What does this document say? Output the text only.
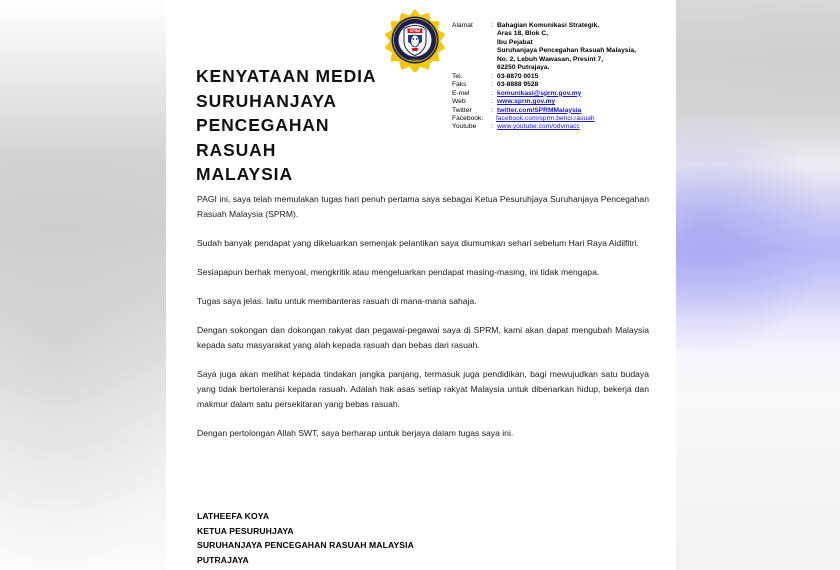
SPRM
BERANI
Alamat	: Bahagian Komunikasi Strategik,
Aras 18, Blok C,
Ibu Pejabat
Suruhanjaya Pencegahan Rasuah Malaysia,
No. 2, Lebuh Wawasan, Presint 7,
62250 Putrajaya.
Tel.	: 03-8870 0015
Faks	: 03-8888 9528
E-mel	: komunikasi@sprm.gov.my
Web	: www.sprm.gov.my
Twitter	: twitter.com/SPRMMalaysia
Facebook:	facebook.com/sprm.benci.rasuah
Youtube	: www.youtube.com/odvmacc
KENYATAAN MEDIA
SURUHANJAYA
PENCEGAHAN RASUAH
MALAYSIA

PAGI ini, saya telah memulakan tugas hari penuh pertama saya sebagai Ketua Pesuruhjaya Suruhanjaya Pencegahan Rasuah Malaysia (SPRM).

Sudah banyak pendapat yang dikeluarkan semenjak pelantikan saya diumumkan sehari sebelum Hari Raya Aidilfitri.

Sesiapapun berhak menyoal, mengkritik atau mengeluarkan pendapat masing-masing, ini tidak mengapa.

Tugas saya jelas. Iaitu untuk membanteras rasuah di mana-mana sahaja.

Dengan sokongan dan dokongan rakyat dan pegawai-pegawai saya di SPRM, kami akan dapat mengubah Malaysia kepada satu masyarakat yang alah kepada rasuah dan bebas dari rasuah.

Saya juga akan melihat kepada tindakan jangka panjang, termasuk juga pendidikan, bagi mewujudkan satu budaya yang tidak bertoleransi kepada rasuah. Adalah hak asas setiap rakyat Malaysia untuk dibenarkan hidup, bekerja dan makmur dalam satu persekitaran yang bebas rasuah.

Dengan pertolongan Allah SWT, saya berharap untuk berjaya dalam tugas saya ini.

LATHEEFA KOYA
KETUA PESURUHJAYA
SURUHANJAYA PENCEGAHAN RASUAH MALAYSIA
PUTRAJAYA
